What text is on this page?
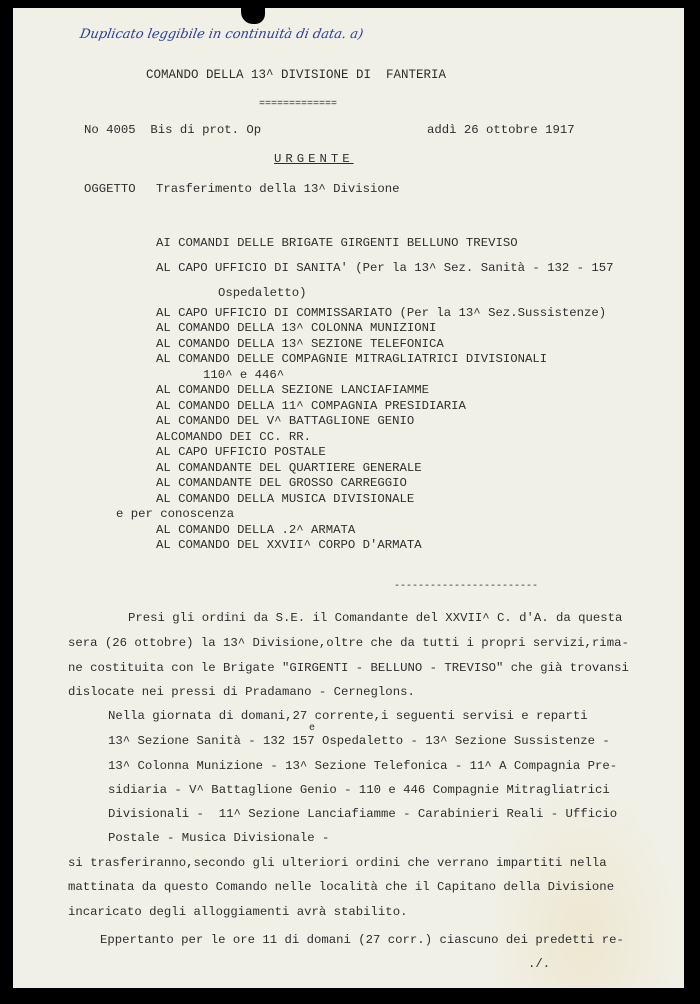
Duplicato leggibile in continuità di data. a)
COMANDO DELLA 13^ DIVISIONE DI  FANTERIA
=============
No 4005  Bis di prot. Op	addì 26 ottobre 1917
URGENTE
OGGETTO Trasferimento della 13^ Divisione
AI COMANDI DELLE BRIGATE GIRGENTI BELLUNO TREVISO
AL CAPO UFFICIO DI SANITA' (Per la 13^ Sez. Sanità - 132 - 157
Ospedaletto)
AL CAPO UFFICIO DI COMMISSARIATO (Per la 13^ Sez.Sussistenze)
AL COMANDO DELLA 13^ COLONNA MUNIZIONI
AL COMANDO DELLA 13^ SEZIONE TELEFONICA
AL COMANDO DELLE COMPAGNIE MITRAGLIATRICI DIVISIONALI
110^ e 446^
AL COMANDO DELLA SEZIONE LANCIAFIAMME
AL COMANDO DELLA 11^ COMPAGNIA PRESIDIARIA
AL COMANDO DEL V^ BATTAGLIONE GENIO
ALCOMANDO DEI CC. RR.
AL CAPO UFFICIO POSTALE
AL COMANDANTE DEL QUARTIERE GENERALE
AL COMANDANTE DEL GROSSO CARREGGIO
AL COMANDO DELLA MUSICA DIVISIONALE
e per conoscenza
AL COMANDO DELLA .2^ ARMATA
AL COMANDO DEL XXVII^ CORPO D'ARMATA
------------------------
Presi gli ordini da S.E. il Comandante del XXVII^ C. d'A. da questa
sera (26 ottobre) la 13^ Divisione,oltre che da tutti i propri servizi,rima-
ne costituita con le Brigate "GIRGENTI - BELLUNO - TREVISO" che già trovansi
dislocate nei pressi di Pradamano - Cerneglons.
Nella giornata di domani,27 corrente,i seguenti servisi e reparti
13^ Sezione Sanità - 132 157 Ospedaletto - 13^ Sezione Sussistenze -
e
13^ Colonna Munizione - 13^ Sezione Telefonica - 11^ A Compagnia Pre-
sidiaria - V^ Battaglione Genio - 110 e 446 Compagnie Mitragliatrici
Divisionali -  11^ Sezione Lanciafiamme - Carabinieri Reali - Ufficio
Postale - Musica Divisionale -
si trasferiranno,secondo gli ulteriori ordini che verrano impartiti nella
mattinata da questo Comando nelle località che il Capitano della Divisione
incaricato degli alloggiamenti avrà stabilito.
Eppertanto per le ore 11 di domani (27 corr.) ciascuno dei predetti re-
./.
